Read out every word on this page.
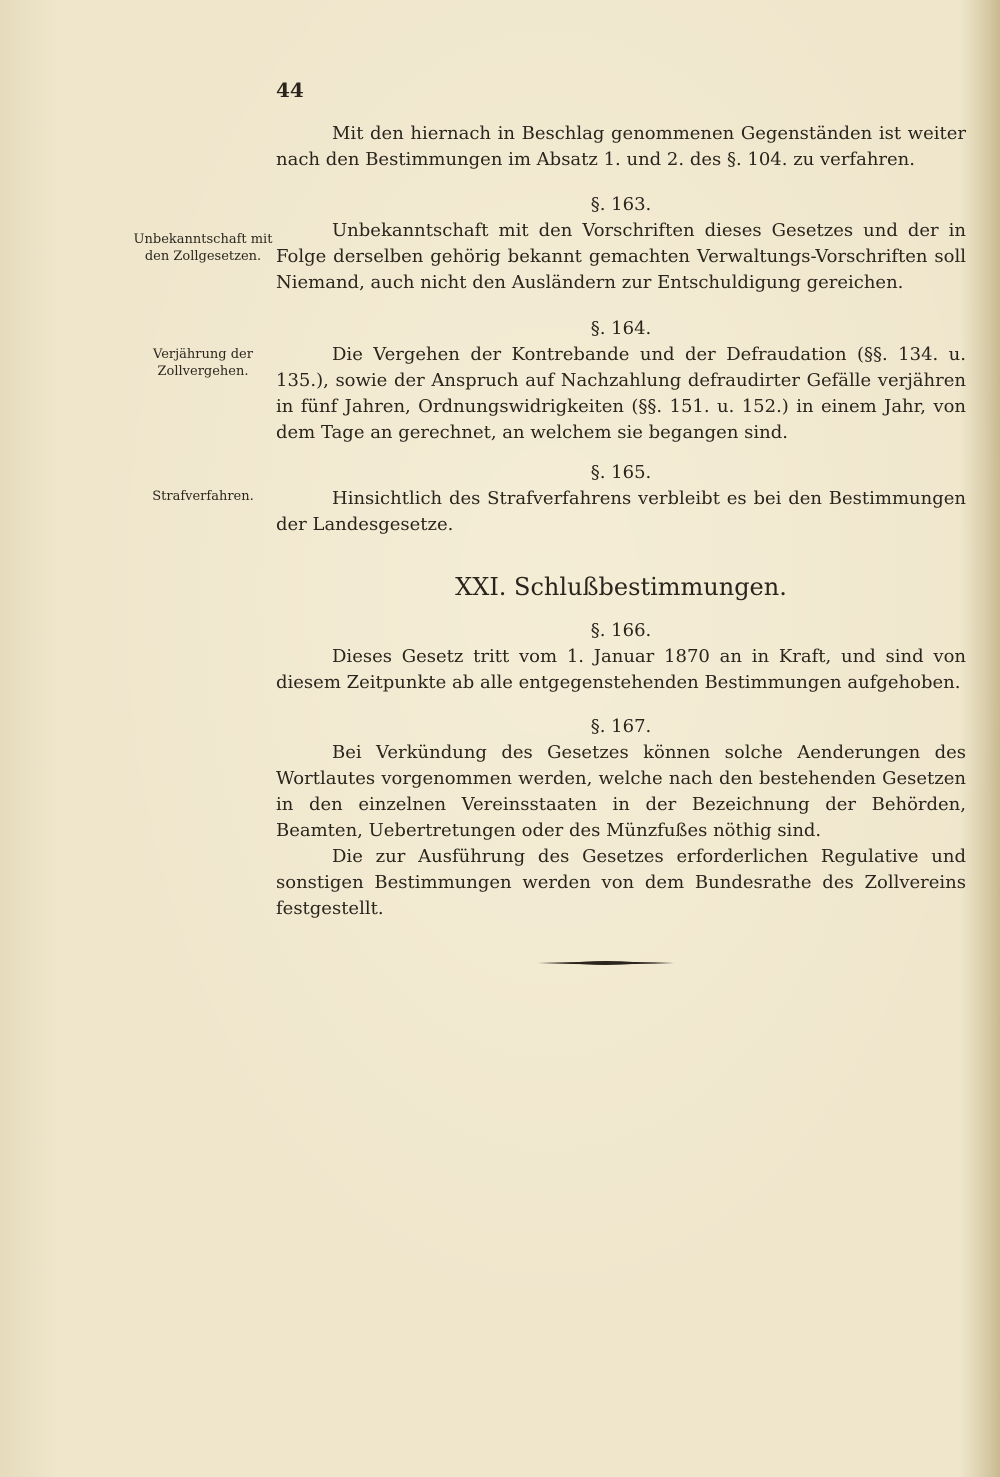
44
Unbekanntschaft mit den Zollgesetzen.
Verjährung der Zollvergehen.
Strafverfahren.

Mit den hiernach in Beschlag genommenen Gegenständen ist weiter nach den Bestimmungen im Absatz 1. und 2. des §. 104. zu verfahren.

§. 163.

Unbekanntschaft mit den Vorschriften dieses Gesetzes und der in Folge derselben gehörig bekannt gemachten Verwaltungs-Vorschriften soll Niemand, auch nicht den Ausländern zur Entschuldigung gereichen.

§. 164.

Die Vergehen der Kontrebande und der Defraudation (§§. 134. u. 135.), sowie der Anspruch auf Nachzahlung defraudirter Gefälle verjähren in fünf Jahren, Ordnungswidrigkeiten (§§. 151. u. 152.) in einem Jahr, von dem Tage an gerechnet, an welchem sie begangen sind.

§. 165.

Hinsichtlich des Strafverfahrens verbleibt es bei den Bestimmungen der Landesgesetze.

XXI. Schlußbestimmungen.

§. 166.

Dieses Gesetz tritt vom 1. Januar 1870 an in Kraft, und sind von diesem Zeitpunkte ab alle entgegenstehenden Bestimmungen aufgehoben.

§. 167.

Bei Verkündung des Gesetzes können solche Aenderungen des Wortlautes vorgenommen werden, welche nach den bestehenden Gesetzen in den einzelnen Vereinsstaaten in der Bezeichnung der Behörden, Beamten, Uebertretungen oder des Münzfußes nöthig sind.

Die zur Ausführung des Gesetzes erforderlichen Regulative und sonstigen Bestimmungen werden von dem Bundesrathe des Zollvereins festgestellt.
